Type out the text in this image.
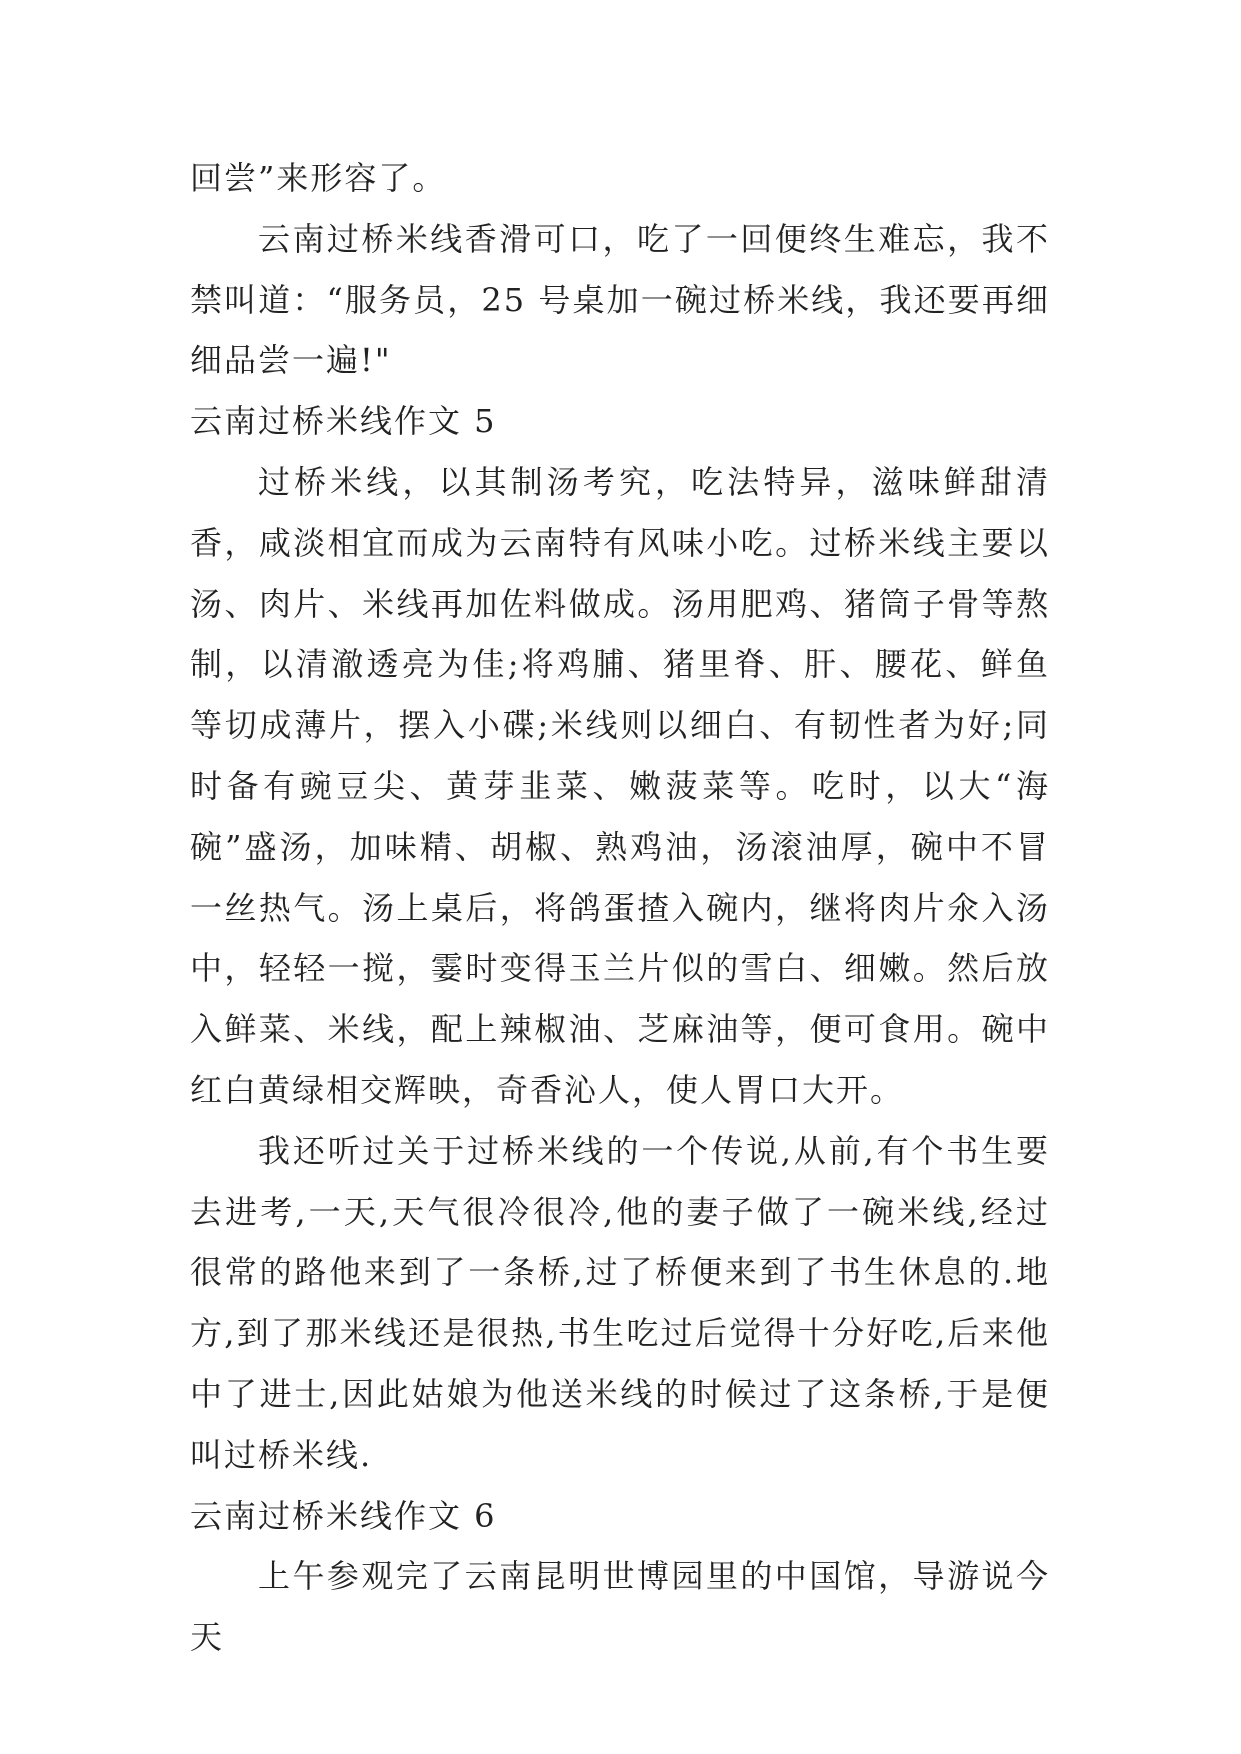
回尝”来形容了。

云南过桥米线香滑可口，吃了一回便终生难忘，我不禁叫道：“服务员，25 号桌加一碗过桥米线，我还要再细细品尝一遍!"

云南过桥米线作文 5

过桥米线，以其制汤考究，吃法特异，滋味鲜甜清香，咸淡相宜而成为云南特有风味小吃。过桥米线主要以汤、肉片、米线再加佐料做成。汤用肥鸡、猪筒子骨等熬制，以清澈透亮为佳;将鸡脯、猪里脊、肝、腰花、鲜鱼等切成薄片，摆入小碟;米线则以细白、有韧性者为好;同时备有豌豆尖、黄芽韭菜、嫩菠菜等。吃时，以大“海碗”盛汤，加味精、胡椒、熟鸡油，汤滚油厚，碗中不冒一丝热气。汤上桌后，将鸽蛋揸入碗内，继将肉片氽入汤中，轻轻一搅，霎时变得玉兰片似的雪白、细嫩。然后放入鲜菜、米线，配上辣椒油、芝麻油等，便可食用。碗中红白黄绿相交辉映，奇香沁人，使人胃口大开。

我还听过关于过桥米线的一个传说,从前,有个书生要去进考,一天,天气很冷很冷,他的妻子做了一碗米线,经过很常的路他来到了一条桥,过了桥便来到了书生休息的.地方,到了那米线还是很热,书生吃过后觉得十分好吃,后来他中了进士,因此姑娘为他送米线的时候过了这条桥,于是便叫过桥米线.

云南过桥米线作文 6

上午参观完了云南昆明世博园里的中国馆，导游说今天
